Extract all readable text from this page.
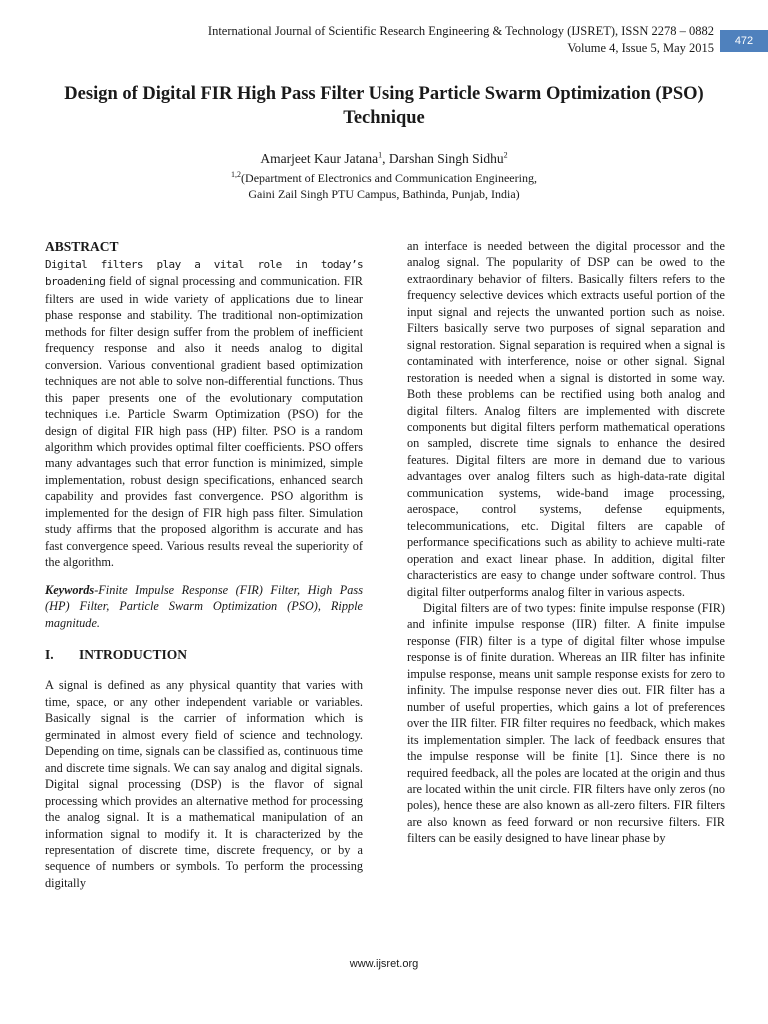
International Journal of Scientific Research Engineering & Technology (IJSRET), ISSN 2278 – 0882
Volume 4, Issue 5, May 2015	472
Design of Digital FIR High Pass Filter Using Particle Swarm Optimization (PSO) Technique
Amarjeet Kaur Jatana$^1$, Darshan Singh Sidhu$^2$
$^{1,2}$(Department of Electronics and Communication Engineering,
Gaini Zail Singh PTU Campus, Bathinda, Punjab, India)
ABSTRACT

Digital filters play a vital role in today’s broadening field of signal processing and communication. FIR filters are used in wide variety of applications due to linear phase response and stability. The traditional non-optimization methods for filter design suffer from the problem of inefficient frequency response and also it needs analog to digital conversion. Various conventional gradient based optimization techniques are not able to solve non-differential functions. Thus this paper presents one of the evolutionary computation techniques i.e. Particle Swarm Optimization (PSO) for the design of digital FIR high pass (HP) filter. PSO is a random algorithm which provides optimal filter coefficients. PSO offers many advantages such that error function is minimized, simple implementation, robust design specifications, enhanced search capability and provides fast convergence. PSO algorithm is implemented for the design of FIR high pass filter. Simulation study affirms that the proposed algorithm is accurate and has fast convergence speed. Various results reveal the superiority of the algorithm.

Keywords-Finite Impulse Response (FIR) Filter, High Pass (HP) Filter, Particle Swarm Optimization (PSO), Ripple magnitude.

I.	INTRODUCTION

A signal is defined as any physical quantity that varies with time, space, or any other independent variable or variables. Basically signal is the carrier of information which is germinated in almost every field of science and technology. Depending on time, signals can be classified as, continuous time and discrete time signals. We can say analog and digital signals. Digital signal processing (DSP) is the flavor of signal processing which provides an alternative method for processing the analog signal. It is a mathematical manipulation of an information signal to modify it. It is characterized by the representation of discrete time, discrete frequency, or by a sequence of numbers or symbols. To perform the processing digitally

an interface is needed between the digital processor and the analog signal. The popularity of DSP can be owed to the extraordinary behavior of filters. Basically filters refers to the frequency selective devices which extracts useful portion of the input signal and rejects the unwanted portion such as noise. Filters basically serve two purposes of signal separation and signal restoration. Signal separation is required when a signal is contaminated with interference, noise or other signal. Signal restoration is needed when a signal is distorted in some way. Both these problems can be rectified using both analog and digital filters. Analog filters are implemented with discrete components but digital filters perform mathematical operations on sampled, discrete time signals to enhance the desired features. Digital filters are more in demand due to various advantages over analog filters such as high-data-rate digital communication systems, wide-band image processing, aerospace, control systems, defense equipments, telecommunications, etc. Digital filters are capable of performance specifications such as ability to achieve multi-rate operation and exact linear phase. In addition, digital filter characteristics are easy to change under software control. Thus digital filter outperforms analog filter in various aspects.

Digital filters are of two types: finite impulse response (FIR) and infinite impulse response (IIR) filter. A finite impulse response (FIR) filter is a type of digital filter whose impulse response is of finite duration. Whereas an IIR filter has infinite impulse response, means unit sample response exists for zero to infinity. The impulse response never dies out. FIR filter has a number of useful properties, which gains a lot of preferences over the IIR filter. FIR filter requires no feedback, which makes its implementation simpler. The lack of feedback ensures that the impulse response will be finite [1]. Since there is no required feedback, all the poles are located at the origin and thus are located within the unit circle. FIR filters have only zeros (no poles), hence these are also known as all-zero filters. FIR filters are also known as feed forward or non recursive filters. FIR filters can be easily designed to have linear phase by

www.ijsret.org
